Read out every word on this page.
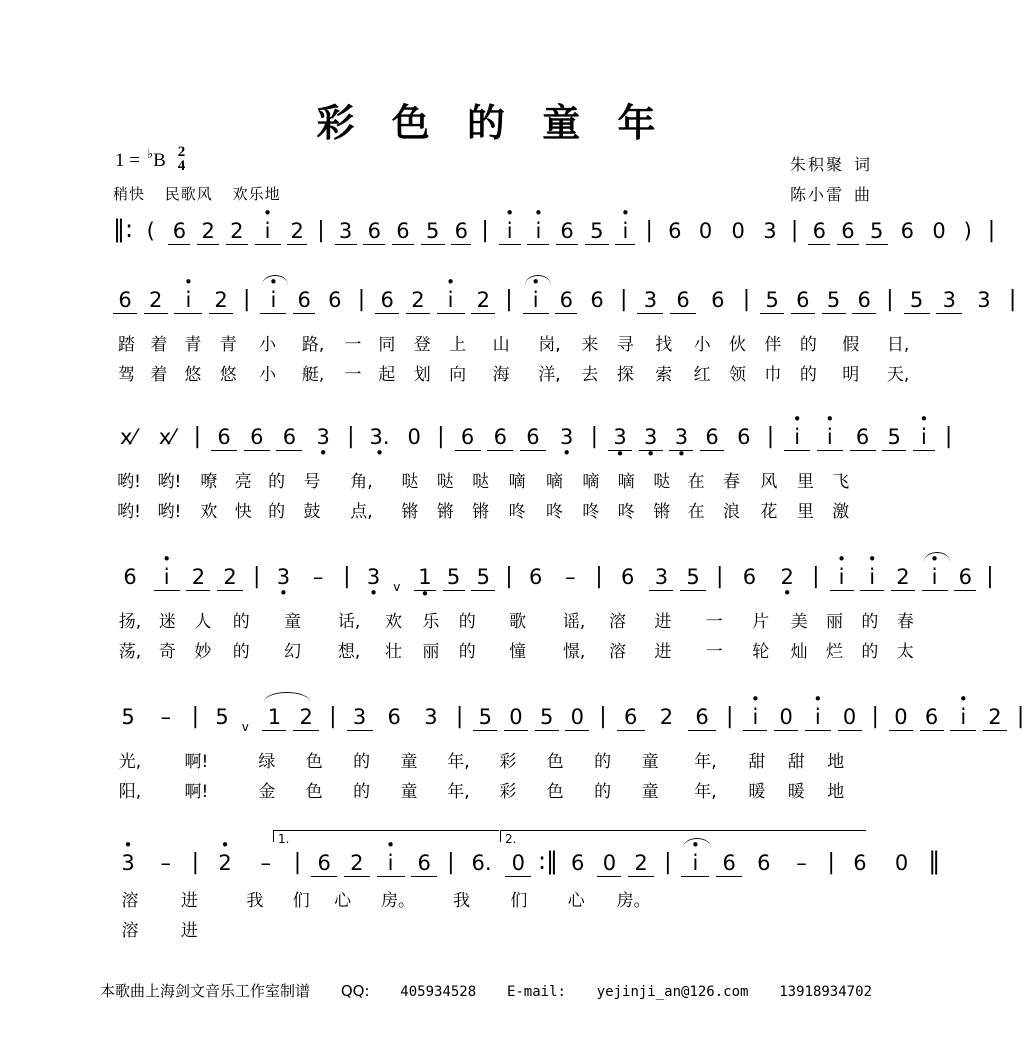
彩 色 的 童 年
1 = ♭ B 2
4
稍快 民歌风 欢乐地
朱积聚 词
陈小雷 曲
‖: ( 6 2 2 i • 2 | 3 6 6 5 6 | i • i • 6 5 i • | 6 0 0 3 | 6 6 5 6 0 ) |
6 2 i • 2 | i
• 6 6 | 6 2 i • 2 | i
• 6 6 | 3 6 6 | 5 6 5 6 | 5 3 3 |
踏 着 青 青 小 路, 一 同 登 上 山 岗, 来 寻 找 小 伙 伴 的 假 日,
驾 着 悠 悠 小 艇, 一 起 划 向 海 洋, 去 探 索 红 领 巾 的 明 天,
x⁄ x⁄ | 6 6 6 3 • | 3. • 0 | 6 6 6 3 • | 3 • 3 • 3 • 6 6 | i • i • 6 5 i • |
哟! 哟! 嘹 亮 的 号 角, 哒 哒 哒 嘀 嘀 嘀 嘀 哒 在 春 风 里 飞
哟! 哟! 欢 快 的 鼓 点, 锵 锵 锵 咚 咚 咚 咚 锵 在 浪 花 里 激
6 i • 2 2 | 3 • – | 3 • v 1 • 5 5 | 6 – | 6 3 5 | 6 2 • | i • i • 2 i
• 6 |
扬, 迷 人 的 童 话, 欢 乐 的 歌 谣, 溶 进 一 片 美 丽 的 春
荡, 奇 妙 的 幻 想, 壮 丽 的 憧 憬, 溶 进 一 轮 灿 烂 的 太
5 – | 5 v 1 2 | 3 6 3 | 5 0 5 0 | 6 2 6 | i • 0 i • 0 | 0 6 i • 2 |
光,	啊!	绿 色 的 童 年, 彩 色 的 童 年, 甜 甜 地
阳,	啊!	金 色 的 童 年, 彩 色 的 童 年, 暖 暖 地
1.	2.
3 • – | 2 • – | 6 2 i • 6 | 6. 0 :‖ 6 0 2 | i
• 6 6 – | 6 0 ‖
溶 进	我 们 心 房。 我 们 心 房。
溶 进
本歌曲上海剑文音乐工作室制谱 QQ: 405934528 E-mail: yejinji_an@126.com 13918934702
